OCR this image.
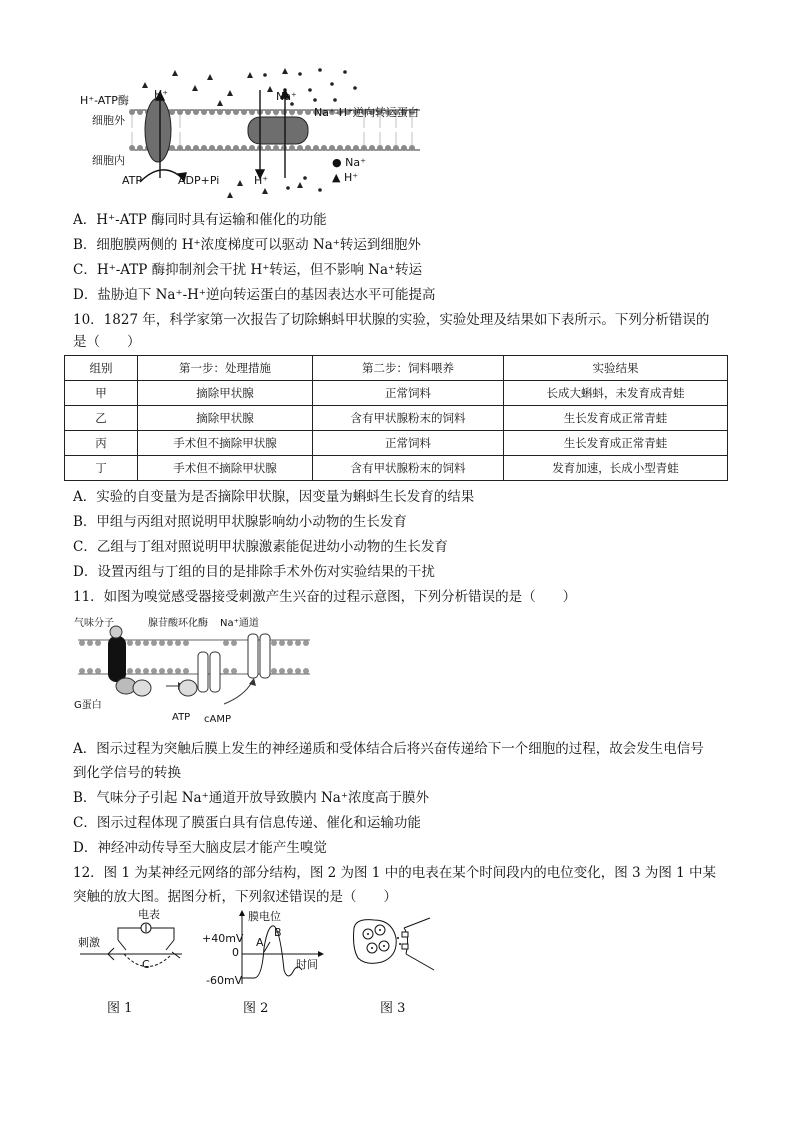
H⁺-ATP酶
细胞外
细胞内
H⁺	Na⁺
Na⁺-H⁺逆向转运蛋白
ATP	ADP+Pi	H⁺
● Na⁺
▲ H⁺
A．H⁺-ATP 酶同时具有运输和催化的功能
B．细胞膜两侧的 H⁺浓度梯度可以驱动 Na⁺转运到细胞外
C．H⁺-ATP 酶抑制剂会干扰 H⁺转运，但不影响 Na⁺转运
D．盐胁迫下 Na⁺-H⁺逆向转运蛋白的基因表达水平可能提高
10．1827 年，科学家第一次报告了切除蝌蚪甲状腺的实验，实验处理及结果如下表所示。下列分析错误的
是（　　）
组别	第一步：处理措施	第二步：饲料喂养	实验结果
甲	摘除甲状腺	正常饲料	长成大蝌蚪，未发育成青蛙
乙	摘除甲状腺	含有甲状腺粉末的饲料	生长发育成正常青蛙
丙	手术但不摘除甲状腺	正常饲料	生长发育成正常青蛙
丁	手术但不摘除甲状腺	含有甲状腺粉末的饲料	发育加速，长成小型青蛙
A．实验的自变量为是否摘除甲状腺，因变量为蝌蚪生长发育的结果
B．甲组与丙组对照说明甲状腺影响幼小动物的生长发育
C．乙组与丁组对照说明甲状腺激素能促进幼小动物的生长发育
D．设置丙组与丁组的目的是排除手术外伤对实验结果的干扰
11．如图为嗅觉感受器接受刺激产生兴奋的过程示意图，下列分析错误的是（　　）
气味分子	腺苷酸环化酶 Na⁺通道
G蛋白
ATP cAMP
A．图示过程为突触后膜上发生的神经递质和受体结合后将兴奋传递给下一个细胞的过程，故会发生电信号
到化学信号的转换
B．气味分子引起 Na⁺通道开放导致膜内 Na⁺浓度高于膜外
C．图示过程体现了膜蛋白具有信息传递、催化和运输功能
D．神经冲动传导至大脑皮层才能产生嗅觉
12．图 1 为某神经元网络的部分结构，图 2 为图 1 中的电表在某个时间段内的电位变化，图 3 为图 1 中某
突触的放大图。据图分析，下列叙述错误的是（　　）
刺激
电表
C
膜电位
+40mV
0
-60mV
A
B
时间
图 1	图 2	图 3
